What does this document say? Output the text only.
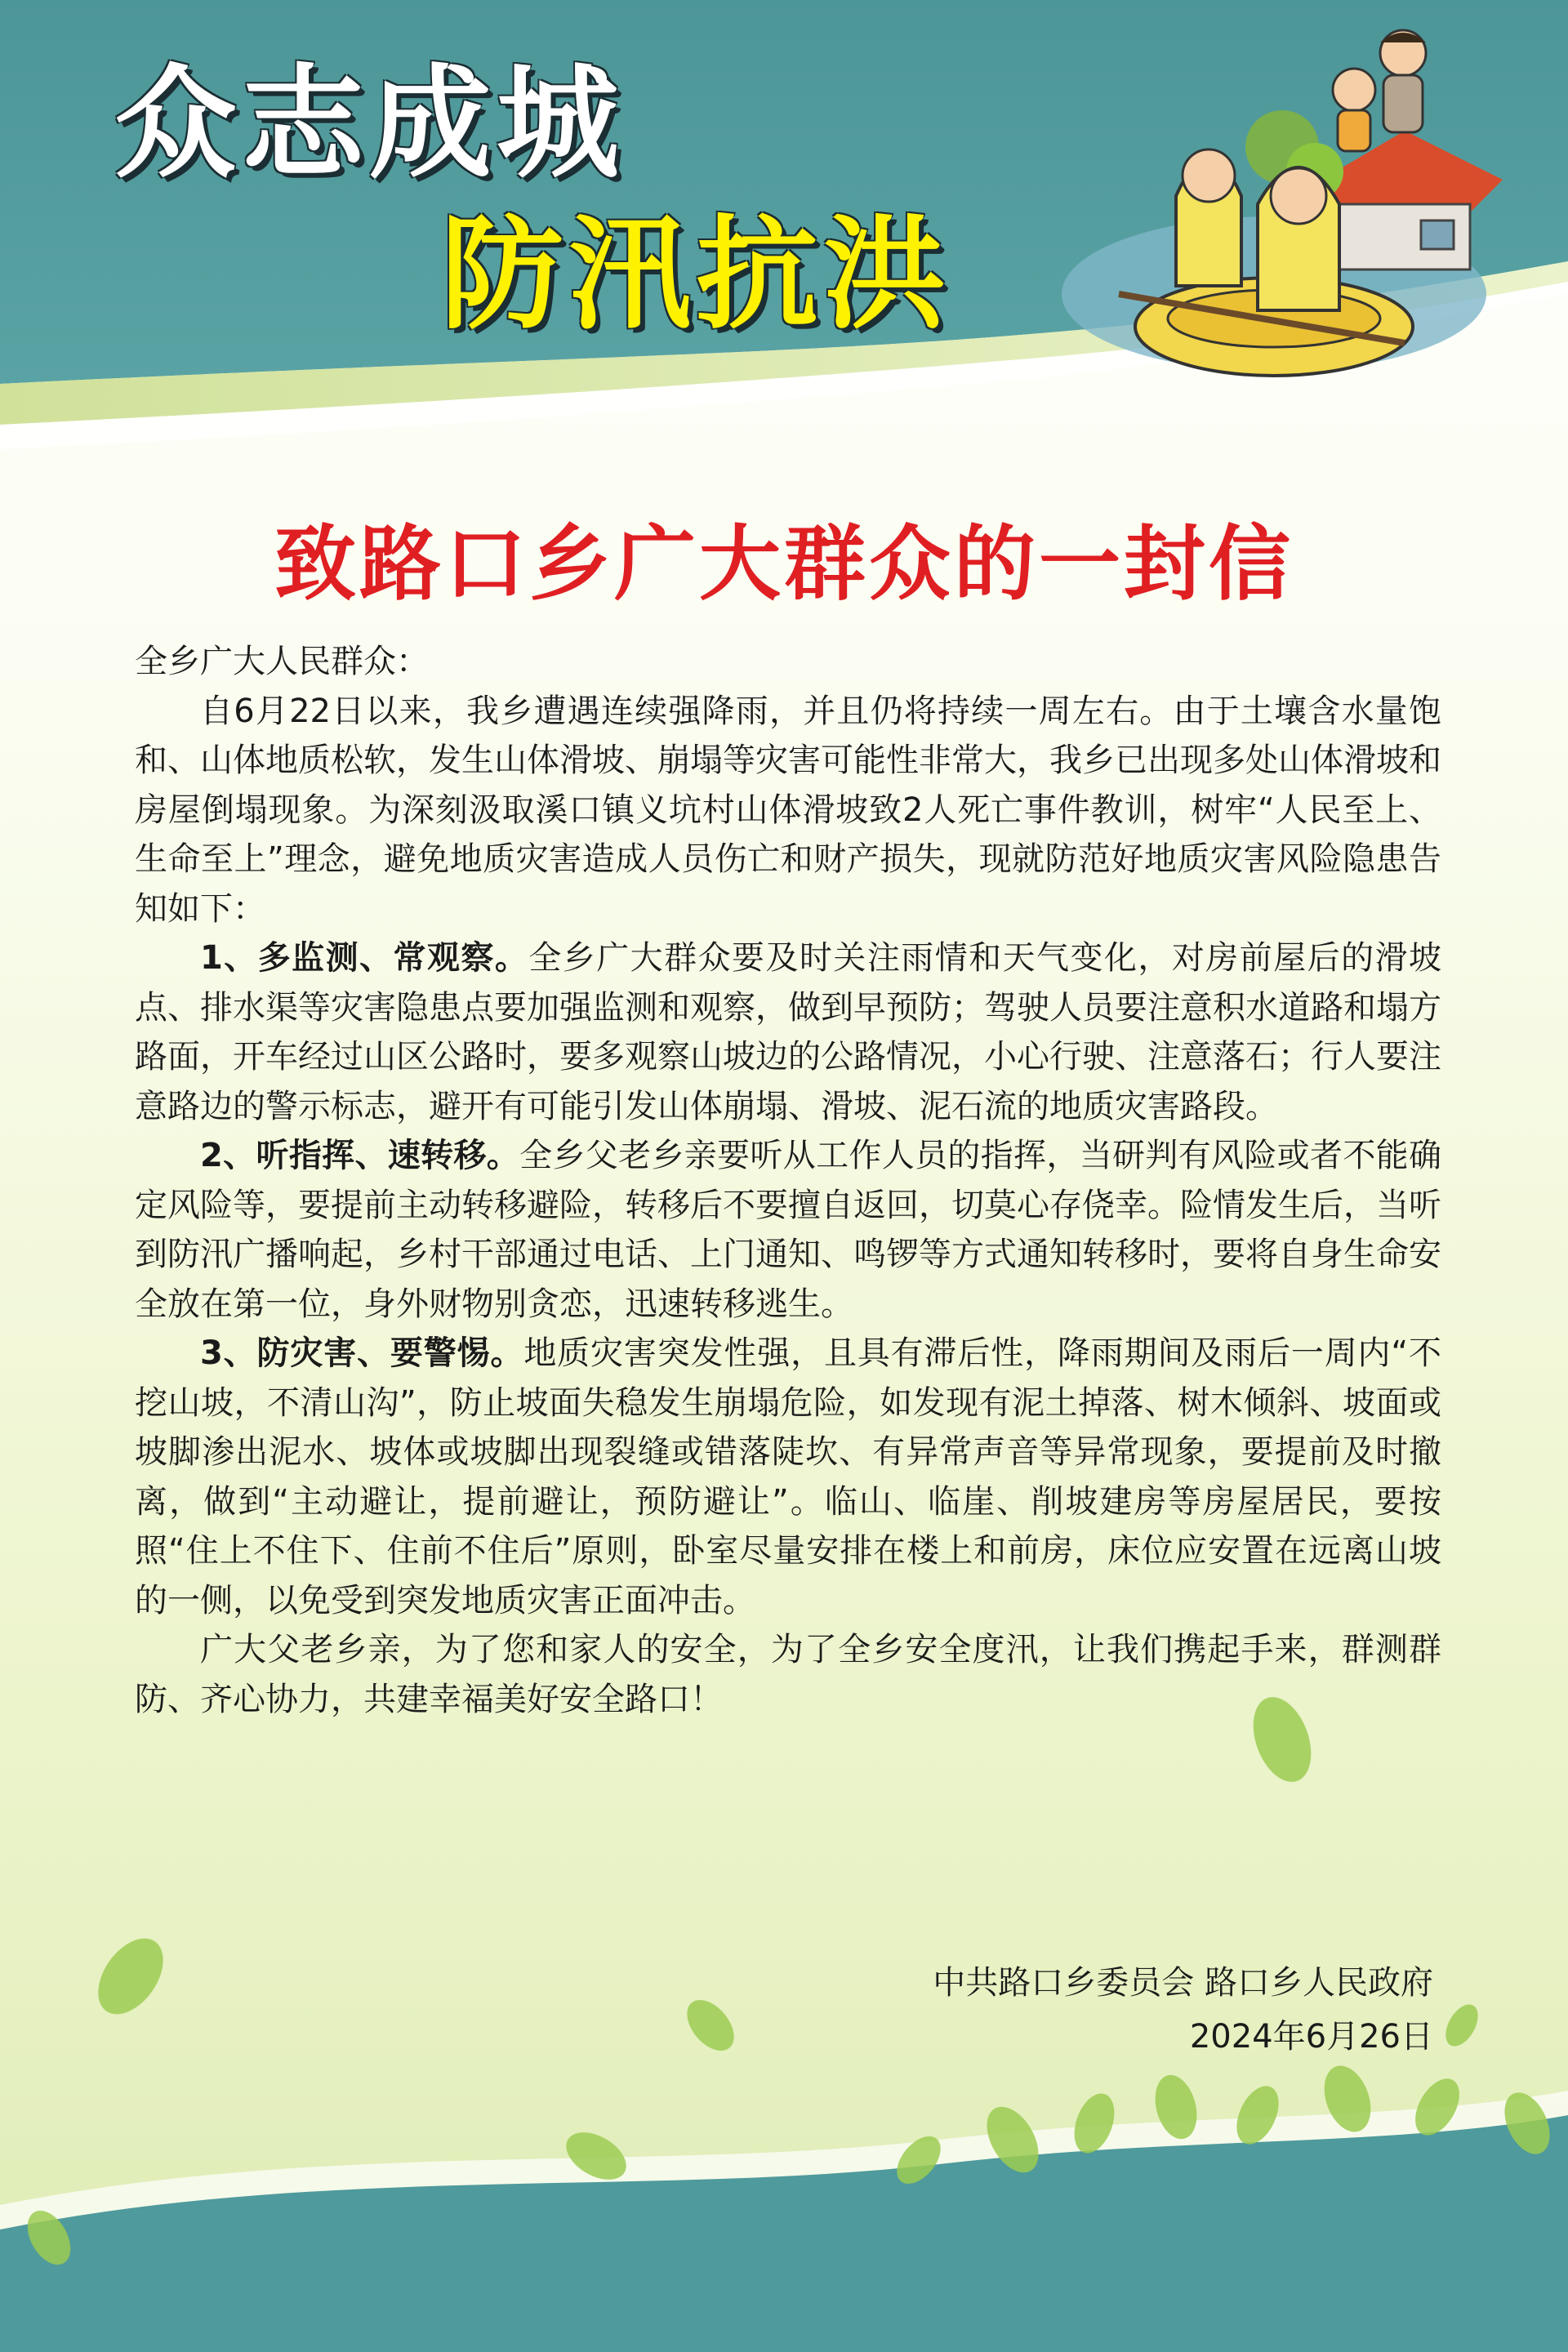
众志成城
防汛抗洪
致路口乡广大群众的一封信

全乡广大人民群众：

自6月22日以来，我乡遭遇连续强降雨，并且仍将持续一周左右。由于土壤含水量饱和、山体地质松软，发生山体滑坡、崩塌等灾害可能性非常大，我乡已出现多处山体滑坡和房屋倒塌现象。为深刻汲取溪口镇义坑村山体滑坡致2人死亡事件教训，树牢“人民至上、生命至上”理念，避免地质灾害造成人员伤亡和财产损失，现就防范好地质灾害风险隐患告知如下：

1、多监测、常观察。全乡广大群众要及时关注雨情和天气变化，对房前屋后的滑坡点、排水渠等灾害隐患点要加强监测和观察，做到早预防；驾驶人员要注意积水道路和塌方路面，开车经过山区公路时，要多观察山坡边的公路情况，小心行驶、注意落石；行人要注意路边的警示标志，避开有可能引发山体崩塌、滑坡、泥石流的地质灾害路段。

2、听指挥、速转移。全乡父老乡亲要听从工作人员的指挥，当研判有风险或者不能确定风险等，要提前主动转移避险，转移后不要擅自返回，切莫心存侥幸。险情发生后，当听到防汛广播响起，乡村干部通过电话、上门通知、鸣锣等方式通知转移时，要将自身生命安全放在第一位，身外财物别贪恋，迅速转移逃生。

3、防灾害、要警惕。地质灾害突发性强，且具有滞后性，降雨期间及雨后一周内“不挖山坡，不清山沟”，防止坡面失稳发生崩塌危险，如发现有泥土掉落、树木倾斜、坡面或坡脚渗出泥水、坡体或坡脚出现裂缝或错落陡坎、有异常声音等异常现象，要提前及时撤离，做到“主动避让，提前避让，预防避让”。临山、临崖、削坡建房等房屋居民，要按照“住上不住下、住前不住后”原则，卧室尽量安排在楼上和前房，床位应安置在远离山坡的一侧，以免受到突发地质灾害正面冲击。

广大父老乡亲，为了您和家人的安全，为了全乡安全度汛，让我们携起手来，群测群防、齐心协力，共建幸福美好安全路口！

中共路口乡委员会 路口乡人民政府
2024年6月26日
